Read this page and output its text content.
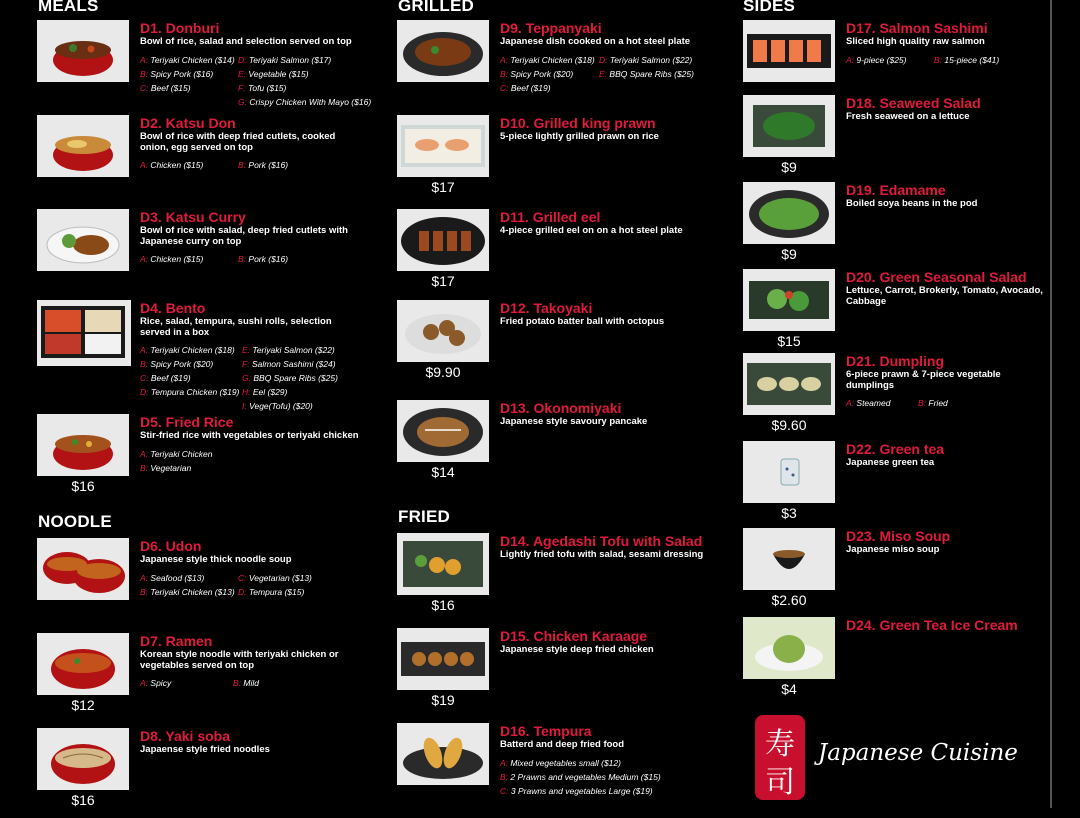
MEALS	GRILLED	SIDES
NOODLE	FRIED
D1. Donburi
Bowl of rice, salad and selection served on top
A: Teriyaki Chicken ($14) D: Teriyaki Salmon ($17)
B: Spicy Pork ($16)	E: Vegetable ($15)
C: Beef ($15)	F: Tofu ($15)
G: Crispy Chicken With Mayo ($16)
D2. Katsu Don
Bowl of rice with deep fried cutlets, cooked onion, egg served on top
A: Chicken ($15)	B: Pork ($16)
D3. Katsu Curry
Bowl of rice with salad, deep fried cutlets with Japanese curry on top
A: Chicken ($15)	B: Pork ($16)
D4. Bento
Rice, salad, tempura, sushi rolls, selection served in a box
A: Teriyaki Chicken ($18) E: Teriyaki Salmon ($22)
B: Spicy Pork ($20)	F: Salmon Sashimi ($24)
C: Beef ($19)	G: BBQ Spare Ribs ($25)
D: Tempura Chicken ($19) H: Eel ($29)
I: Vege(Tofu) ($20)
$16
D5. Fried Rice
Stir-fried rice with vegetables or teriyaki chicken
A: Teriyaki Chicken
B: Vegetarian
D6. Udon
Japanese style thick noodle soup
A: Seafood ($13)	C: Vegetarian ($13)
B: Teriyaki Chicken ($13) D: Tempura ($15)
$12
D7. Ramen
Korean style noodle with teriyaki chicken or vegetables served on top
A: Spicy	B: Mild
$16
D8. Yaki soba
Japaense style fried noodles
D9. Teppanyaki
Japanese dish cooked on a hot steel plate
A: Teriyaki Chicken ($18) D: Teriyaki Salmon ($22)
B: Spicy Pork ($20)	E: BBQ Spare Ribs ($25)
C: Beef ($19)
$17
D10. Grilled king prawn
5-piece lightly grilled prawn on rice
$17
D11. Grilled eel
4-piece grilled eel on on a hot steel plate
$9.90
D12. Takoyaki
Fried potato batter ball with octopus
$14
D13. Okonomiyaki
Japanese style savoury pancake
$16
D14. Agedashi Tofu with Salad
Lightly fried tofu with salad, sesami dressing
$19
D15. Chicken Karaage
Japanese style deep fried chicken
D16. Tempura
Batterd and deep fried food
A: Mixed vegetables small ($12)
B: 2 Prawns and vegetables Medium ($15)
C: 3 Prawns and vegetables Large ($19)
D17. Salmon Sashimi
Sliced high quality raw salmon
A: 9-piece ($25)	B: 15-piece ($41)
$9
D18. Seaweed Salad
Fresh seaweed on a lettuce
$9
D19. Edamame
Boiled soya beans in the pod
$15
D20. Green Seasonal Salad
Lettuce, Carrot, Brokerly, Tomato, Avocado, Cabbage
$9.60
D21. Dumpling
6-piece prawn & 7-piece vegetable dumplings
A: Steamed	B: Fried
$3
D22. Green tea
Japanese green tea
$2.60
D23. Miso Soup
Japanese miso soup
$4
D24. Green Tea Ice Cream
寿
司
Japanese Cuisine
